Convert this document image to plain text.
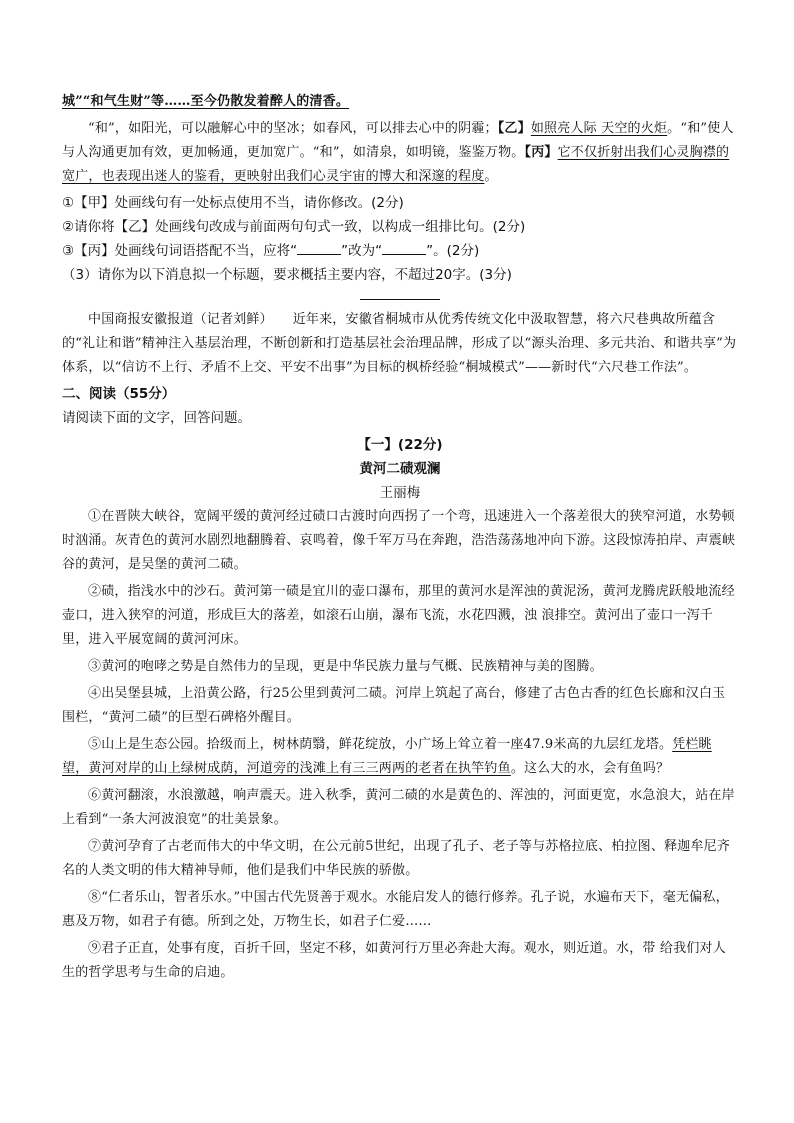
城”“和气生财”等……至今仍散发着醉人的清香。

“和”，如阳光，可以融解心中的坚冰；如春风，可以排去心中的阴霾；【乙】如照亮人际 天空的火炬。“和”使人与人沟通更加有效，更加畅通，更加宽广。“和”，如清泉，如明镜，鉴鉴万物。【丙】它不仅折射出我们心灵胸襟的宽广，也表现出迷人的鉴看，更映射出我们心灵宇宙的博大和深邃的程度。

①【甲】处画线句有一处标点使用不当，请你修改。(2分)

②请你将【乙】处画线句改成与前面两句句式一致，以构成一组排比句。(2分)

③【丙】处画线句词语搭配不当，应将“	”改为“	”。(2分)

（3）请你为以下消息拟一个标题，要求概括主要内容，不超过20字。(3分)

中国商报安徽报道（记者刘鲜）　　近年来，安徽省桐城市从优秀传统文化中汲取智慧，将六尺巷典故所蕴含的“礼让和谐”精神注入基层治理，不断创新和打造基层社会治理品牌，形成了以“源头治理、多元共治、和谐共享”为体系，以“信访不上行、矛盾不上交、平安不出事”为目标的枫桥经验“桐城模式”——新时代“六尺巷工作法”。

二、阅读（55分）

请阅读下面的文字，回答问题。

【一】(22分)

黄河二碛观澜

王丽梅

①在晋陕大峡谷，宽阔平缓的黄河经过碛口古渡时向西拐了一个弯，迅速进入一个落差很大的狭窄河道，水势顿时汹涌。灰青色的黄河水剧烈地翻腾着、哀鸣着，像千军万马在奔跑，浩浩荡荡地冲向下游。这段惊涛拍岸、声震峡谷的黄河，是吴堡的黄河二碛。

②碛，指浅水中的沙石。黄河第一碛是宜川的壶口瀑布，那里的黄河水是浑浊的黄泥汤，黄河龙腾虎跃般地流经壶口，进入狭窄的河道，形成巨大的落差，如滚石山崩，瀑布飞流，水花四溅，浊 浪排空。黄河出了壶口一泻千里，进入平展宽阔的黄河河床。

③黄河的咆哮之势是自然伟力的呈现，更是中华民族力量与气概、民族精神与美的图腾。

④出吴堡县城，上沿黄公路，行25公里到黄河二碛。河岸上筑起了高台，修建了古色古香的红色长廊和汉白玉围栏，“黄河二碛”的巨型石碑格外醒目。

⑤山上是生态公园。拾级而上，树林荫翳，鲜花绽放，小广场上耸立着一座47.9米高的九层红龙塔。凭栏眺望，黄河对岸的山上绿树成荫，河道旁的浅滩上有三三两两的老者在执竿钓鱼。这么大的水，会有鱼吗？

⑥黄河翻滚，水浪激越，响声震天。进入秋季，黄河二碛的水是黄色的、浑浊的，河面更宽，水急浪大，站在岸上看到“一条大河波浪宽”的壮美景象。

⑦黄河孕育了古老而伟大的中华文明，在公元前5世纪，出现了孔子、老子等与苏格拉底、柏拉图、释迦牟尼齐名的人类文明的伟大精神导师，他们是我们中华民族的骄傲。

⑧“仁者乐山，智者乐水。”中国古代先贤善于观水。水能启发人的德行修养。孔子说，水遍布天下，毫无偏私，惠及万物，如君子有德。所到之处，万物生长，如君子仁爱……

⑨君子正直，处事有度，百折千回，坚定不移，如黄河行万里必奔赴大海。观水，则近道。水，带 给我们对人生的哲学思考与生命的启迪。
